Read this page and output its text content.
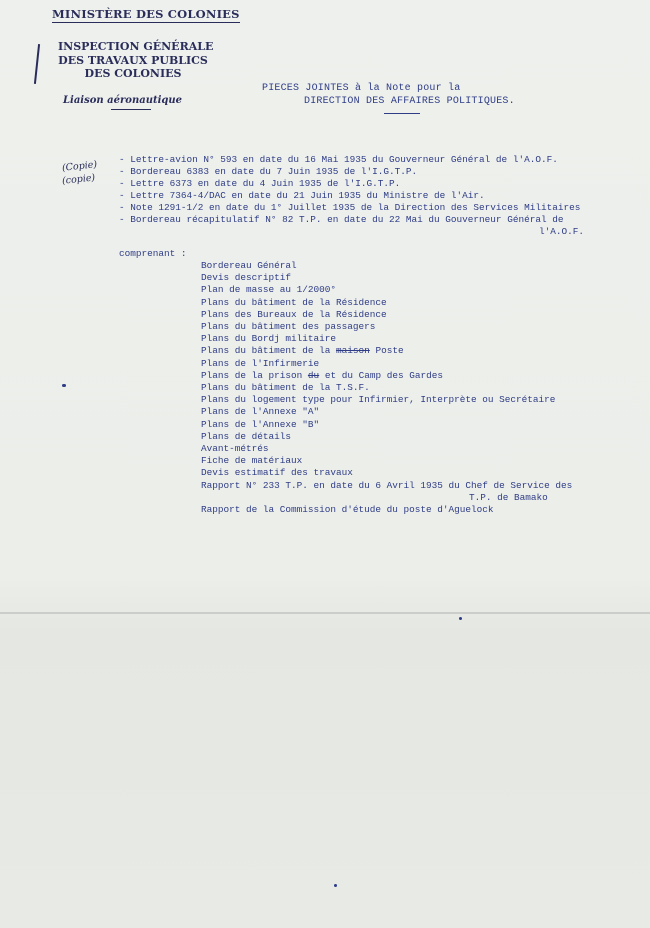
MINISTÈRE DES COLONIES
INSPECTION GÉNÉRALE
DES TRAVAUX PUBLICS
DES COLONIES
Liaison aéronautique
PIECES JOINTES à la Note pour la
DIRECTION DES AFFAIRES POLITIQUES.
(Copie)
(copie)
- Lettre-avion N° 593 en date du 16 Mai 1935 du Gouverneur Général de l'A.O.F.
- Bordereau 6383 en date du 7 Juin 1935 de l'I.G.T.P.
- Lettre 6373 en date du 4 Juin 1935 de l'I.G.T.P.
- Lettre 7364-4/DAC en date du 21 Juin 1935 du Ministre de l'Air.
- Note 1291-1/2 en date du 1° Juillet 1935 de la Direction des Services Militaires
- Bordereau récapitulatif N° 82 T.P. en date du 22 Mai du Gouverneur Général de
l'A.O.F.
comprenant :
Bordereau Général
Devis descriptif
Plan de masse au 1/2000°
Plans du bâtiment de la Résidence
Plans des Bureaux de la Résidence
Plans du bâtiment des passagers
Plans du Bordj militaire
Plans du bâtiment de la maison Poste
Plans de l'Infirmerie
Plans de la prison du et du Camp des Gardes
Plans du bâtiment de la T.S.F.
Plans du logement type pour Infirmier, Interprète ou Secrétaire
Plans de l'Annexe "A"
Plans de l'Annexe "B"
Plans de détails
Avant-métrés
Fiche de matériaux
Devis estimatif des travaux
Rapport N° 233 T.P. en date du 6 Avril 1935 du Chef de Service des
T.P. de Bamako
Rapport de la Commission d'étude du poste d'Aguelock
